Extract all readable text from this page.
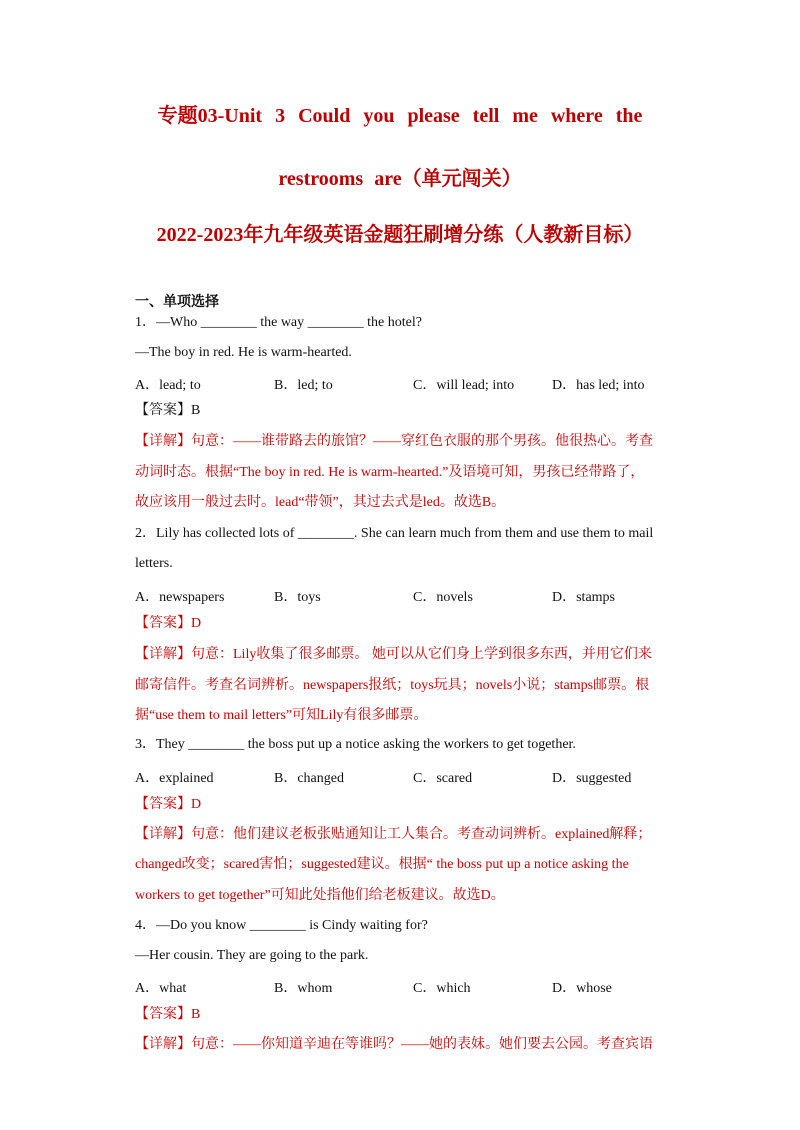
专题03-Unit 3 Could you please tell me where the
restrooms are（单元闯关）
2022-2023年九年级英语金题狂刷增分练（人教新目标）
一、单项选择
1．—Who ________ the way ________ the hotel?
—The boy in red. He is warm-hearted.
A．lead; to	B．led; to	C．will lead; into	D．has led; into
【答案】B
【详解】句意：——谁带路去的旅馆？——穿红色衣服的那个男孩。他很热心。考查
动词时态。根据“The boy in red. He is warm-hearted.”及语境可知，男孩已经带路了，
故应该用一般过去时。lead“带领”，其过去式是led。故选B。
2．Lily has collected lots of ________. She can learn much from them and use them to mail
letters.
A．newspapers	B．toys	C．novels	D．stamps
【答案】D
【详解】句意：Lily收集了很多邮票。 她可以从它们身上学到很多东西，并用它们来
邮寄信件。考查名词辨析。newspapers报纸；toys玩具；novels小说；stamps邮票。根
据“use them to mail letters”可知Lily有很多邮票。
3．They ________ the boss put up a notice asking the workers to get together.
A．explained	B．changed	C．scared	D．suggested
【答案】D
【详解】句意：他们建议老板张贴通知让工人集合。考查动词辨析。explained解释；
changed改变；scared害怕；suggested建议。根据“ the boss put up a notice asking the
workers to get together”可知此处指他们给老板建议。故选D。
4．—Do you know ________ is Cindy waiting for?
—Her cousin. They are going to the park.
A．what	B．whom	C．which	D．whose
【答案】B
【详解】句意：——你知道辛迪在等谁吗？——她的表妹。她们要去公园。考查宾语
